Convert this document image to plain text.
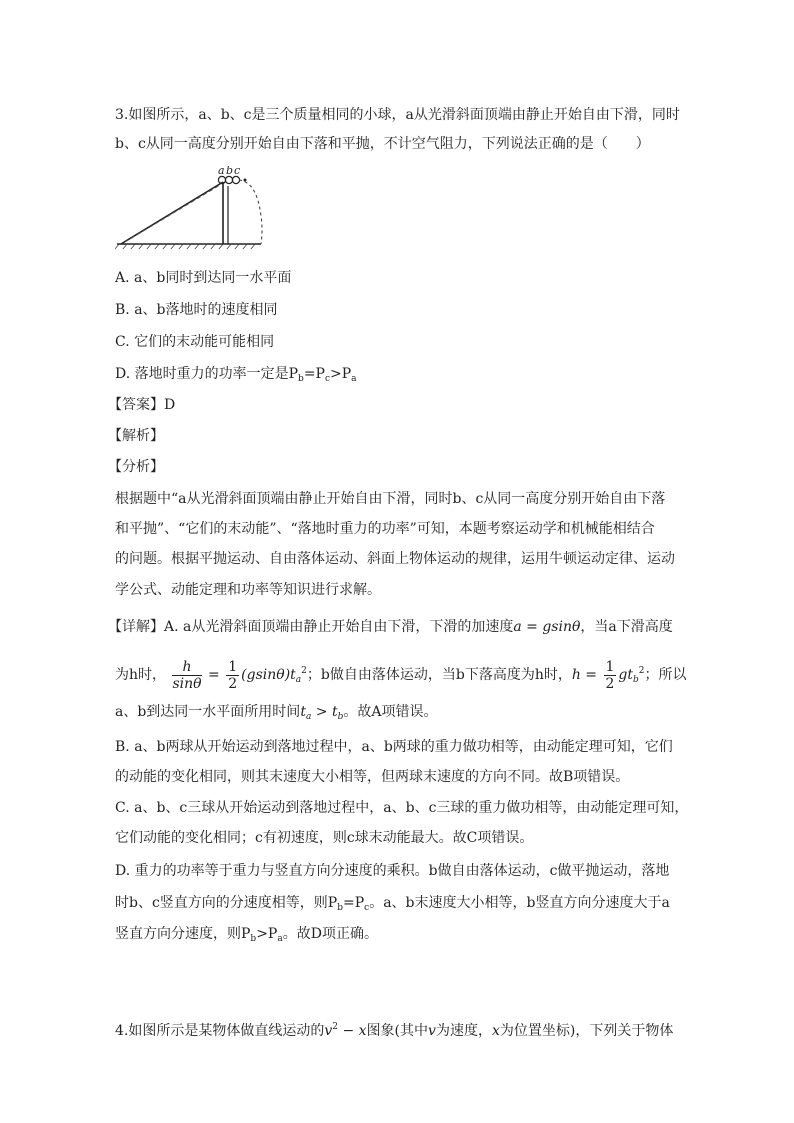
3.如图所示，a、b、c是三个质量相同的小球，a从光滑斜面顶端由静止开始自由下滑，同时
b、c从同一高度分别开始自由下落和平抛，不计空气阻力，下列说法正确的是（　　）
a b c
A. a、b同时到达同一水平面
B. a、b落地时的速度相同
C. 它们的末动能可能相同
D. 落地时重力的功率一定是$P_b=P_c>P_a$
【答案】D
【解析】
【分析】
根据题中“a从光滑斜面顶端由静止开始自由下滑，同时b、c从同一高度分别开始自由下落
和平抛”、“它们的末动能”、“落地时重力的功率”可知，本题考察运动学和机械能相结合
的问题。根据平抛运动、自由落体运动、斜面上物体运动的规律，运用牛顿运动定律、运动
学公式、动能定理和功率等知识进行求解。
【详解】A. a从光滑斜面顶端由静止开始自由下滑，下滑的加速度a = gsinθ，当a下滑高度
为h时， $\frac{h}{\sin\theta} = \frac{1}{2} (gsin\theta)t_a^2$；b做自由落体运动，当b下落高度为h时，$h = \frac{1}{2} gt_b^2$；所以
a、b到达同一水平面所用时间$t_a > t_b$。故A项错误。
B. a、b两球从开始运动到落地过程中，a、b两球的重力做功相等，由动能定理可知，它们
的动能的变化相同，则其末速度大小相等，但两球末速度的方向不同。故B项错误。
C. a、b、c三球从开始运动到落地过程中，a、b、c三球的重力做功相等，由动能定理可知，
它们动能的变化相同；c有初速度，则c球末动能最大。故C项错误。
D. 重力的功率等于重力与竖直方向分速度的乘积。b做自由落体运动，c做平抛运动，落地
时b、c竖直方向的分速度相等，则$P_b=P_c$。a、b末速度大小相等，b竖直方向分速度大于a
竖直方向分速度，则$P_b>P_a$。故D项正确。
4.如图所示是某物体做直线运动的$v^2 - x$图象(其中v为速度，x为位置坐标)，下列关于物体
